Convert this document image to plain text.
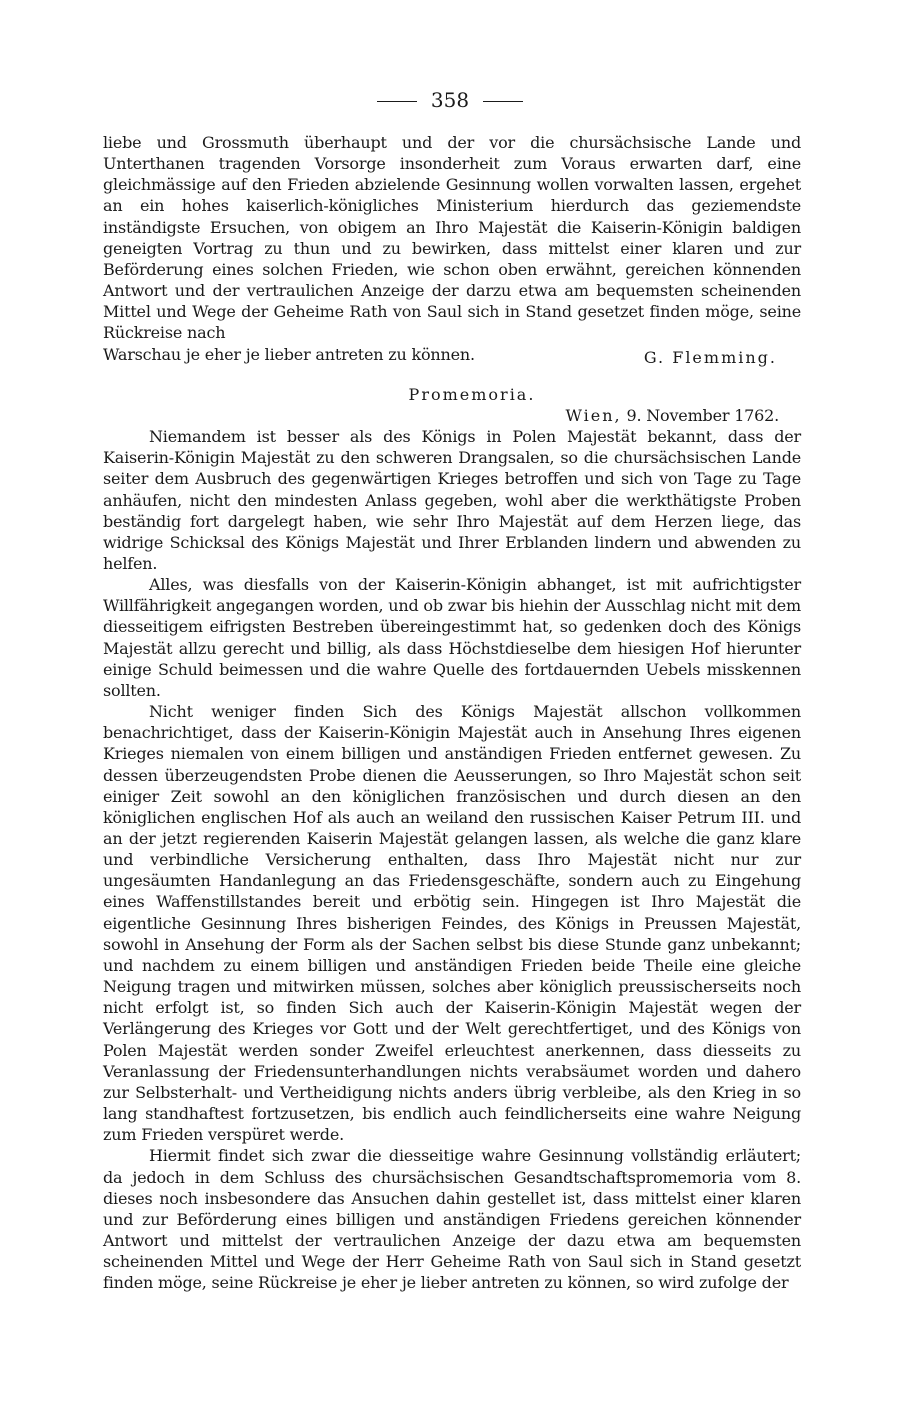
358

liebe und Grossmuth überhaupt und der vor die chursächsische Lande und Unterthanen tragenden Vorsorge insonderheit zum Voraus erwarten darf, eine gleichmässige auf den Frieden abzielende Gesinnung wollen vorwalten lassen, ergehet an ein hohes kaiserlich-königliches Ministerium hierdurch das geziemendste inständigste Ersuchen, von obigem an Ihro Majestät die Kaiserin-Königin baldigen geneigten Vortrag zu thun und zu bewirken, dass mittelst einer klaren und zur Beförderung eines solchen Frieden, wie schon oben erwähnt, gereichen könnenden Antwort und der vertraulichen Anzeige der darzu etwa am bequemsten scheinenden Mittel und Wege der Geheime Rath von Saul sich in Stand gesetzet finden möge, seine Rückreise nach

Warschau je eher je lieber antreten zu können.	G. Flemming.

Promemoria.

Wien, 9. November 1762.

Niemandem ist besser als des Königs in Polen Majestät bekannt, dass der Kaiserin-Königin Majestät zu den schweren Drangsalen, so die chursächsischen Lande seiter dem Ausbruch des gegenwärtigen Krieges betroffen und sich von Tage zu Tage anhäufen, nicht den mindesten Anlass gegeben, wohl aber die werkthätigste Proben beständig fort dargelegt haben, wie sehr Ihro Majestät auf dem Herzen liege, das widrige Schicksal des Königs Majestät und Ihrer Erblanden lindern und abwenden zu helfen.

Alles, was diesfalls von der Kaiserin-Königin abhanget, ist mit aufrichtigster Willfährigkeit angegangen worden, und ob zwar bis hiehin der Ausschlag nicht mit dem diesseitigem eifrigsten Bestreben übereingestimmt hat, so gedenken doch des Königs Majestät allzu gerecht und billig, als dass Höchstdieselbe dem hiesigen Hof hierunter einige Schuld beimessen und die wahre Quelle des fortdauernden Uebels misskennen sollten.

Nicht weniger finden Sich des Königs Majestät allschon vollkommen benachrichtiget, dass der Kaiserin-Königin Majestät auch in Ansehung Ihres eigenen Krieges niemalen von einem billigen und anständigen Frieden entfernet gewesen. Zu dessen überzeugendsten Probe dienen die Aeusserungen, so Ihro Majestät schon seit einiger Zeit sowohl an den königlichen französischen und durch diesen an den königlichen englischen Hof als auch an weiland den russischen Kaiser Petrum III. und an der jetzt regierenden Kaiserin Majestät gelangen lassen, als welche die ganz klare und verbindliche Versicherung enthalten, dass Ihro Majestät nicht nur zur ungesäumten Handanlegung an das Friedensgeschäfte, sondern auch zu Eingehung eines Waffenstillstandes bereit und erbötig sein. Hingegen ist Ihro Majestät die eigentliche Gesinnung Ihres bisherigen Feindes, des Königs in Preussen Majestät, sowohl in Ansehung der Form als der Sachen selbst bis diese Stunde ganz unbekannt; und nachdem zu einem billigen und anständigen Frieden beide Theile eine gleiche Neigung tragen und mitwirken müssen, solches aber königlich preussischerseits noch nicht erfolgt ist, so finden Sich auch der Kaiserin-Königin Majestät wegen der Verlängerung des Krieges vor Gott und der Welt gerechtfertiget, und des Königs von Polen Majestät werden sonder Zweifel erleuchtest anerkennen, dass diesseits zu Veranlassung der Friedensunterhandlungen nichts verabsäumet worden und dahero zur Selbsterhalt- und Vertheidigung nichts anders übrig verbleibe, als den Krieg in so lang standhaftest fortzusetzen, bis endlich auch feindlicherseits eine wahre Neigung zum Frieden verspüret werde.

Hiermit findet sich zwar die diesseitige wahre Gesinnung vollständig erläutert; da jedoch in dem Schluss des chursächsischen Gesandtschaftspromemoria vom 8. dieses noch insbesondere das Ansuchen dahin gestellet ist, dass mittelst einer klaren und zur Beförderung eines billigen und anständigen Friedens gereichen könnender Antwort und mittelst der vertraulichen Anzeige der dazu etwa am bequemsten scheinenden Mittel und Wege der Herr Geheime Rath von Saul sich in Stand gesetzt finden möge, seine Rückreise je eher je lieber antreten zu können, so wird zufolge der
